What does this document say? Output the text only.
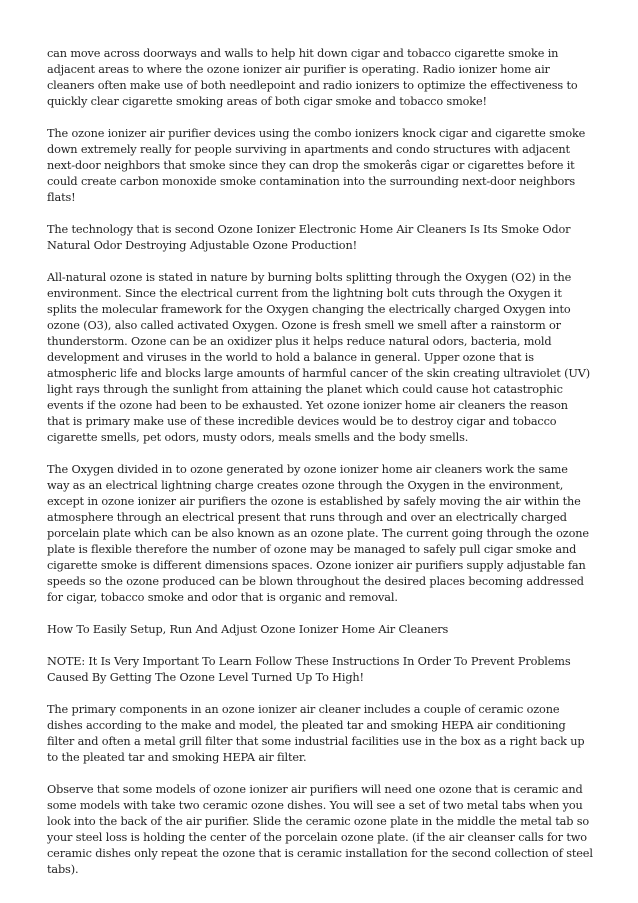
can move across doorways and walls to help hit down cigar and tobacco cigarette smoke in adjacent areas to where the ozone ionizer air purifier is operating. Radio ionizer home air cleaners often make use of both needlepoint and radio ionizers to optimize the effectiveness to quickly clear cigarette smoking areas of both cigar smoke and tobacco smoke!

The ozone ionizer air purifier devices using the combo ionizers knock cigar and cigarette smoke down extremely really for people surviving in apartments and condo structures with adjacent next-door neighbors that smoke since they can drop the smokerâs cigar or cigarettes before it could create carbon monoxide smoke contamination into the surrounding next-door neighbors flats!

The technology that is second Ozone Ionizer Electronic Home Air Cleaners Is Its Smoke Odor Natural Odor Destroying Adjustable Ozone Production!

All-natural ozone is stated in nature by burning bolts splitting through the Oxygen (O2) in the environment. Since the electrical current from the lightning bolt cuts through the Oxygen it splits the molecular framework for the Oxygen changing the electrically charged Oxygen into ozone (O3), also called activated Oxygen. Ozone is fresh smell we smell after a rainstorm or thunderstorm. Ozone can be an oxidizer plus it helps reduce natural odors, bacteria, mold development and viruses in the world to hold a balance in general. Upper ozone that is atmospheric life and blocks large amounts of harmful cancer of the skin creating ultraviolet (UV) light rays through the sunlight from attaining the planet which could cause hot catastrophic events if the ozone had been to be exhausted. Yet ozone ionizer home air cleaners the reason that is primary make use of these incredible devices would be to destroy cigar and tobacco cigarette smells, pet odors, musty odors, meals smells and the body smells.

The Oxygen divided in to ozone generated by ozone ionizer home air cleaners work the same way as an electrical lightning charge creates ozone through the Oxygen in the environment, except in ozone ionizer air purifiers the ozone is established by safely moving the air within the atmosphere through an electrical present that runs through and over an electrically charged porcelain plate which can be also known as an ozone plate. The current going through the ozone plate is flexible therefore the number of ozone may be managed to safely pull cigar smoke and cigarette smoke is different dimensions spaces. Ozone ionizer air purifiers supply adjustable fan speeds so the ozone produced can be blown throughout the desired places becoming addressed for cigar, tobacco smoke and odor that is organic and removal.

How To Easily Setup, Run And Adjust Ozone Ionizer Home Air Cleaners

NOTE: It Is Very Important To Learn Follow These Instructions In Order To Prevent Problems Caused By Getting The Ozone Level Turned Up To High!

The primary components in an ozone ionizer air cleaner includes a couple of ceramic ozone dishes according to the make and model, the pleated tar and smoking HEPA air conditioning filter and often a metal grill filter that some industrial facilities use in the box as a right back up to the pleated tar and smoking HEPA air filter.

Observe that some models of ozone ionizer air purifiers will need one ozone that is ceramic and some models with take two ceramic ozone dishes. You will see a set of two metal tabs when you look into the back of the air purifier. Slide the ceramic ozone plate in the middle the metal tab so your steel loss is holding the center of the porcelain ozone plate. (if the air cleanser calls for two ceramic dishes only repeat the ozone that is ceramic installation for the second collection of steel tabs).
